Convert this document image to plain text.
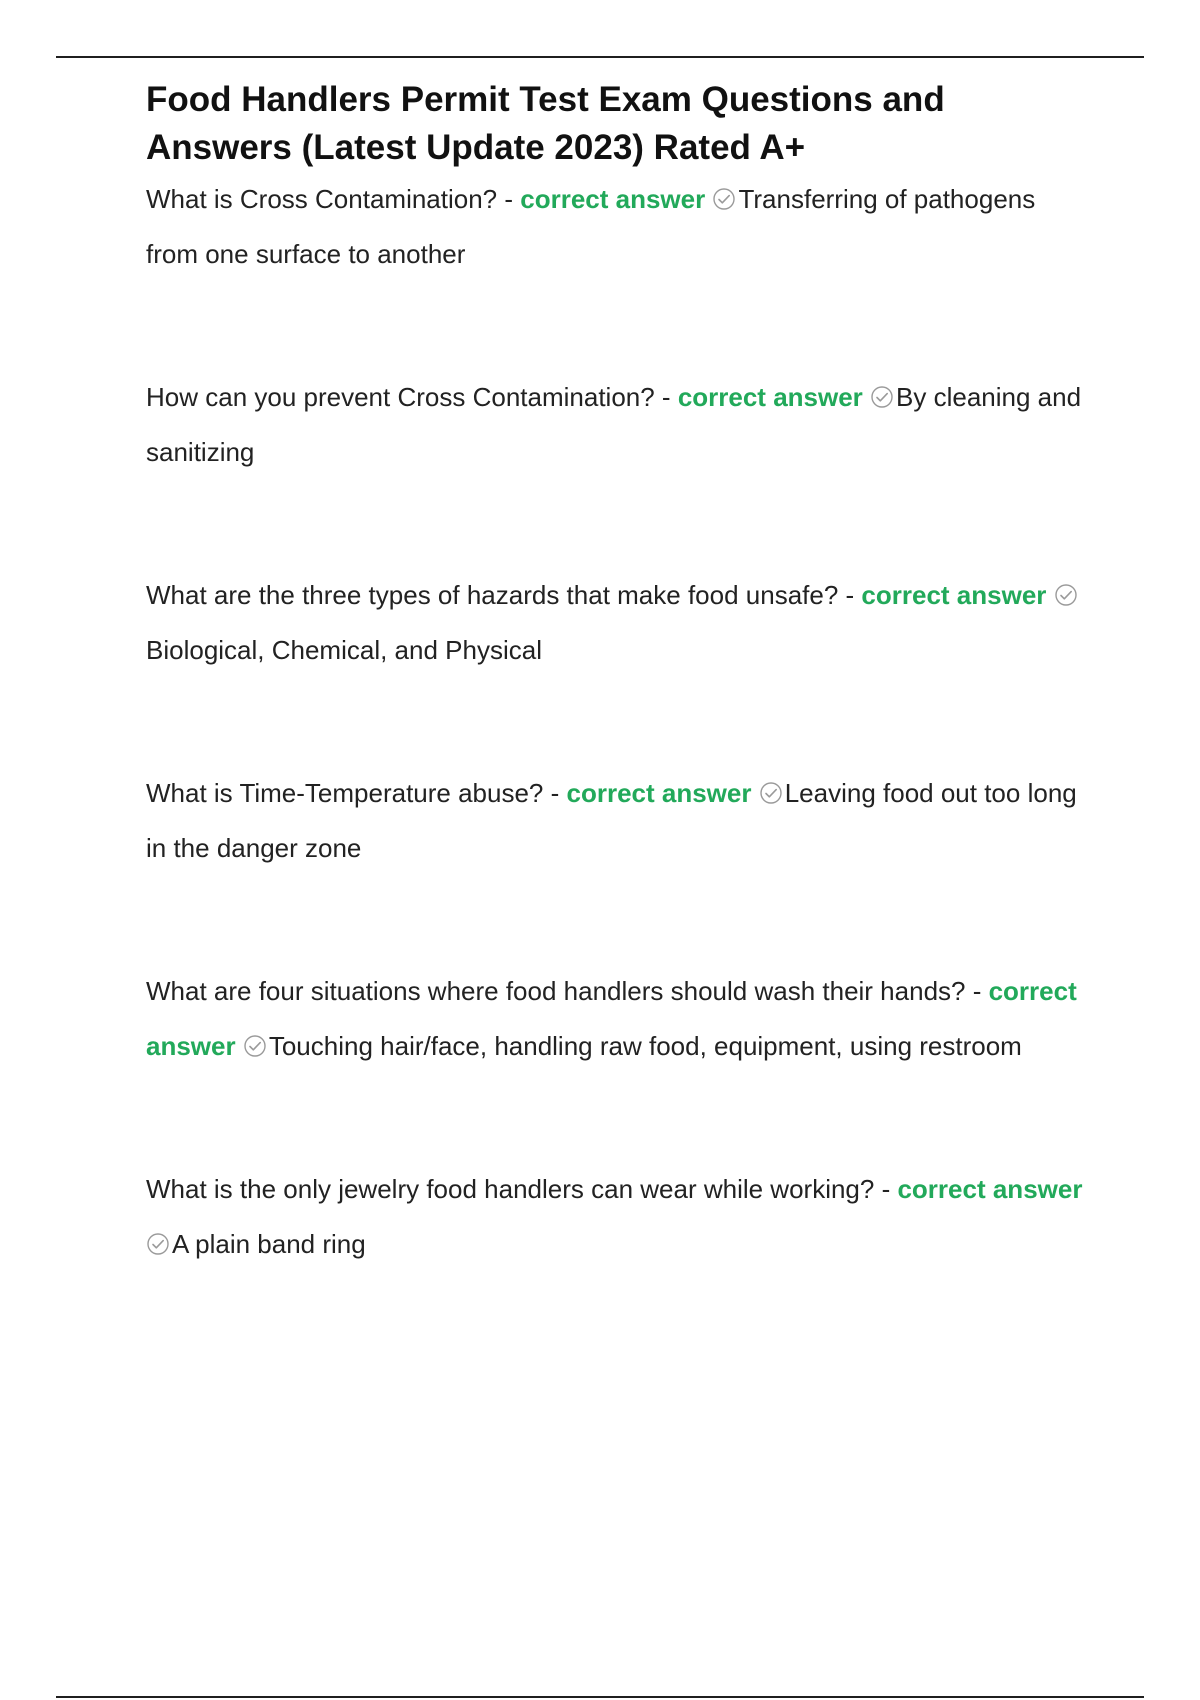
Food Handlers Permit Test Exam Questions and Answers (Latest Update 2023) Rated A+

What is Cross Contamination? - correct answer Transferring of pathogens from one surface to another

How can you prevent Cross Contamination? - correct answer By cleaning and sanitizing

What are the three types of hazards that make food unsafe? - correct answer
Biological, Chemical, and Physical

What is Time-Temperature abuse? - correct answer Leaving food out too long in the danger zone

What are four situations where food handlers should wash their hands? - correct answer Touching hair/face, handling raw food, equipment, using restroom

What is the only jewelry food handlers can wear while working? - correct answer
A plain band ring
